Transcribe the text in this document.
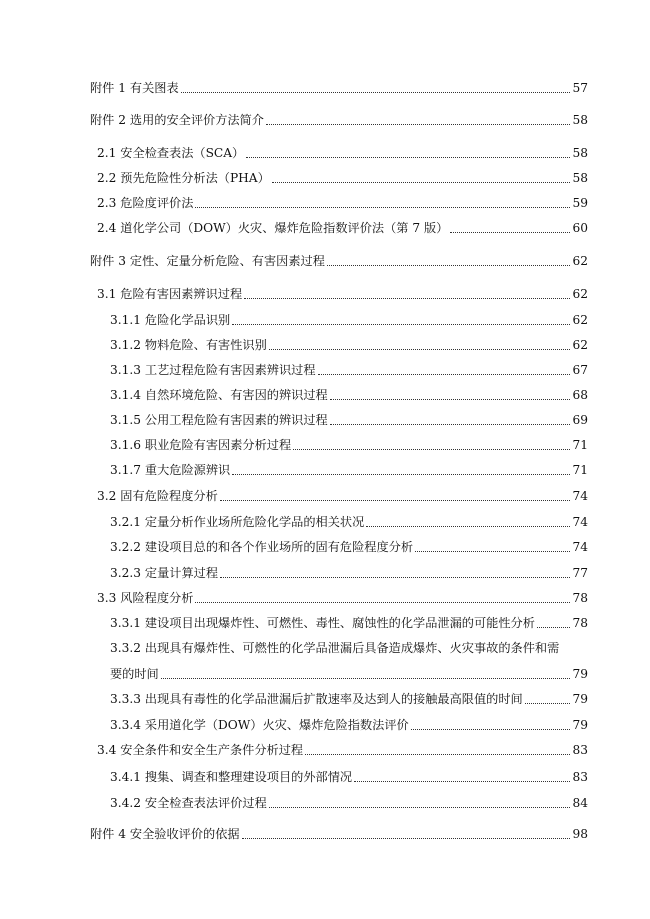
附件 1 有关图表	57
附件 2 选用的安全评价方法简介	58
2.1 安全检查表法（SCA）	58
2.2 预先危险性分析法（PHA）	58
2.3 危险度评价法	59
2.4 道化学公司（DOW）火灾、爆炸危险指数评价法（第 7 版）	60
附件 3 定性、定量分析危险、有害因素过程	62
3.1 危险有害因素辨识过程	62
3.1.1 危险化学品识别	62
3.1.2 物料危险、有害性识别	62
3.1.3 工艺过程危险有害因素辨识过程	67
3.1.4 自然环境危险、有害因的辨识过程	68
3.1.5 公用工程危险有害因素的辨识过程	69
3.1.6 职业危险有害因素分析过程	71
3.1.7 重大危险源辨识	71
3.2 固有危险程度分析	74
3.2.1 定量分析作业场所危险化学品的相关状况	74
3.2.2 建设项目总的和各个作业场所的固有危险程度分析	74
3.2.3 定量计算过程	77
3.3 风险程度分析	78
3.3.1 建设项目出现爆炸性、可燃性、毒性、腐蚀性的化学品泄漏的可能性分析	78
3.3.2 出现具有爆炸性、可燃性的化学品泄漏后具备造成爆炸、火灾事故的条件和需
要的时间	79
3.3.3 出现具有毒性的化学品泄漏后扩散速率及达到人的接触最高限值的时间	79
3.3.4 采用道化学（DOW）火灾、爆炸危险指数法评价	79
3.4 安全条件和安全生产条件分析过程	83
3.4.1 搜集、调查和整理建设项目的外部情况	83
3.4.2 安全检查表法评价过程	84
附件 4 安全验收评价的依据	98
